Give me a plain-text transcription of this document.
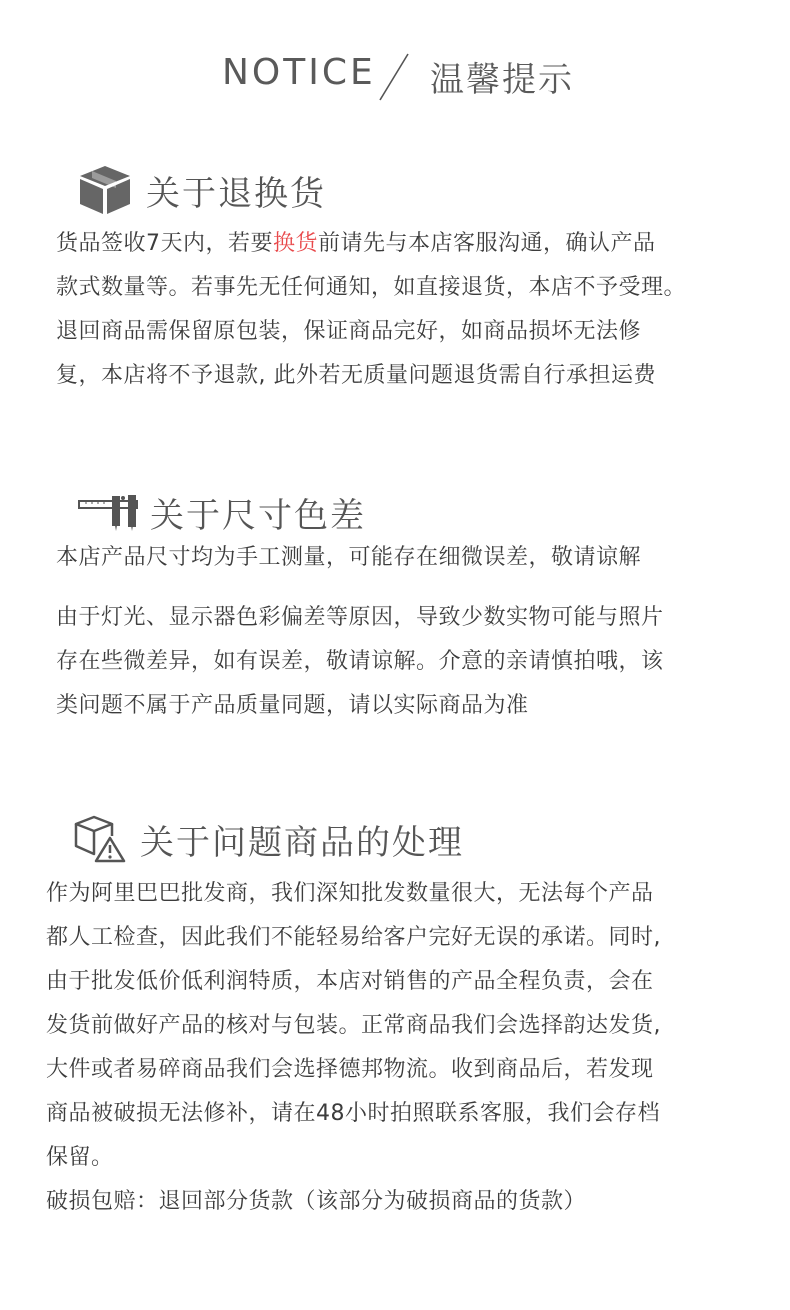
NOTICE 温馨提示
关于退换货
货品签收7天内，若要换货前请先与本店客服沟通，确认产品
款式数量等。若事先无任何通知，如直接退货，本店不予受理。
退回商品需保留原包装，保证商品完好，如商品损坏无法修
复，本店将不予退款, 此外若无质量问题退货需自行承担运费
关于尺寸色差
本店产品尺寸均为手工测量，可能存在细微误差，敬请谅解
由于灯光、显示器色彩偏差等原因，导致少数实物可能与照片
存在些微差异，如有误差，敬请谅解。介意的亲请慎拍哦，该
类问题不属于产品质量同题，请以实际商品为准
关于问题商品的处理
作为阿里巴巴批发商，我们深知批发数量很大，无法每个产品
都人工检查，因此我们不能轻易给客户完好无误的承诺。同时,
由于批发低价低利润特质，本店对销售的产品全程负责，会在
发货前做好产品的核对与包装。正常商品我们会选择韵达发货,
大件或者易碎商品我们会选择德邦物流。收到商品后，若发现
商品被破损无法修补，请在48小时拍照联系客服，我们会存档
保留。
破损包赔：退回部分货款（该部分为破损商品的货款）
